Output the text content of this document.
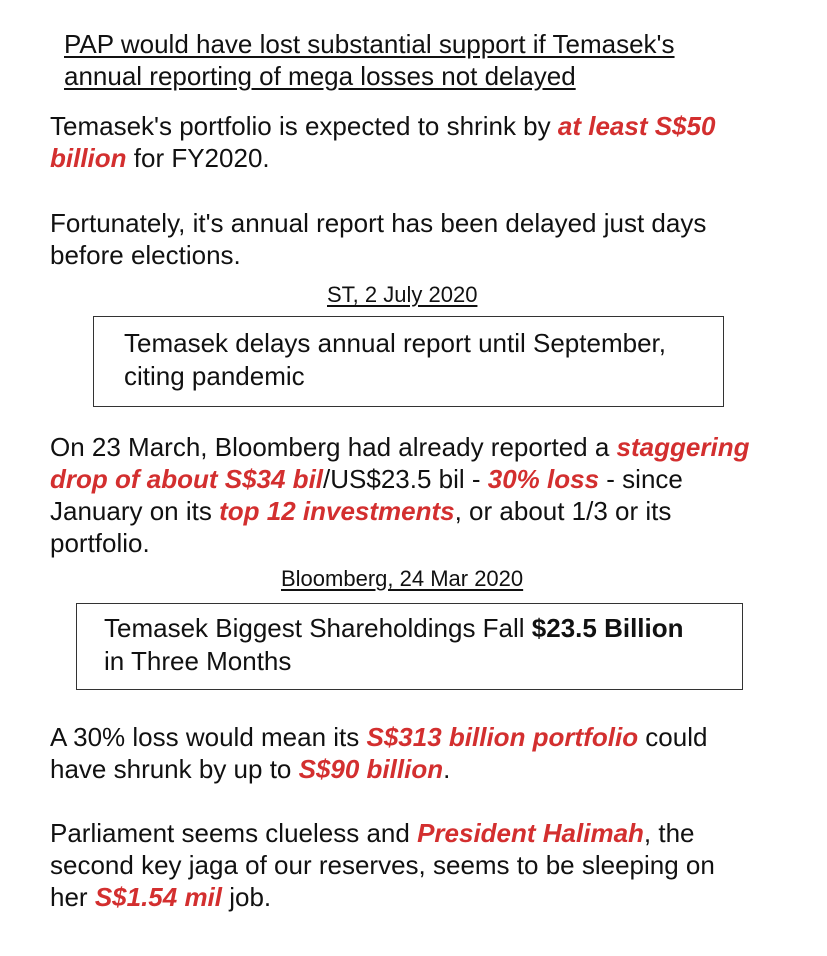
PAP would have lost substantial support if Temasek's
annual reporting of mega losses not delayed
Temasek's portfolio is expected to shrink by at least S$50
billion for FY2020.
Fortunately, it's annual report has been delayed just days
before elections.
ST, 2 July 2020
Temasek delays annual report until September,
citing pandemic
On 23 March, Bloomberg had already reported a staggering
drop of about S$34 bil/US$23.5 bil - 30% loss - since
January on its top 12 investments, or about 1/3 or its
portfolio.
Bloomberg, 24 Mar 2020
Temasek Biggest Shareholdings Fall $23.5 Billion
in Three Months
A 30% loss would mean its S$313 billion portfolio could
have shrunk by up to S$90 billion.
Parliament seems clueless and President Halimah, the
second key jaga of our reserves, seems to be sleeping on
her S$1.54 mil job.
